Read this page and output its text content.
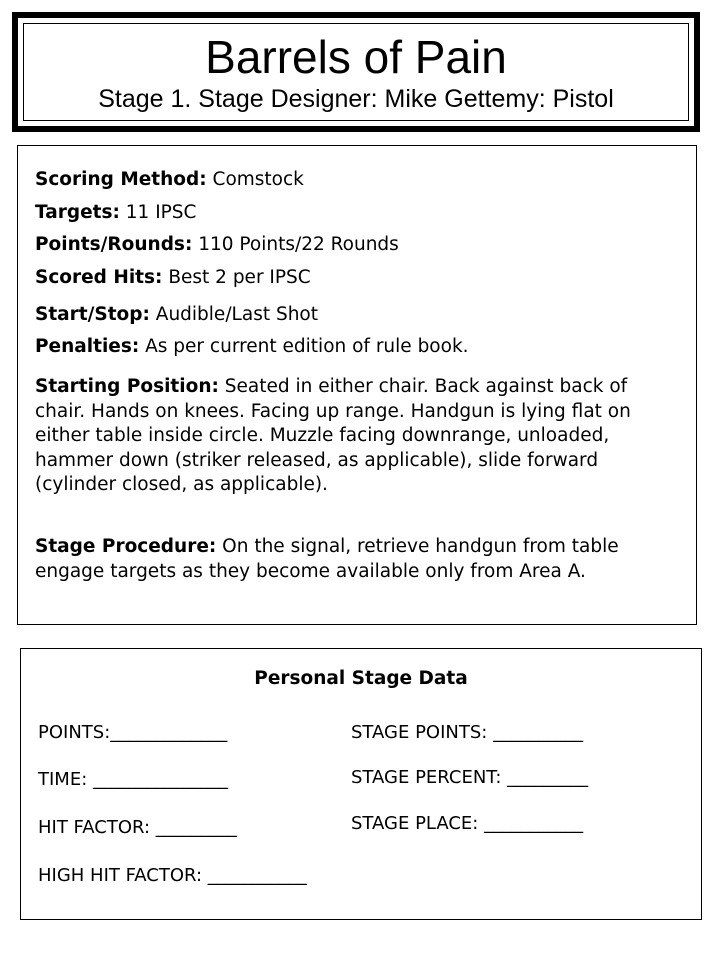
Barrels of Pain
Stage 1. Stage Designer: Mike Gettemy: Pistol
Scoring Method: Comstock
Targets: 11 IPSC
Points/Rounds: 110 Points/22 Rounds
Scored Hits: Best 2 per IPSC
Start/Stop: Audible/Last Shot
Penalties: As per current edition of rule book.
Starting Position: Seated in either chair. Back against back of chair. Hands on knees. Facing up range. Handgun is lying flat on either table inside circle. Muzzle facing downrange, unloaded, hammer down (striker released, as applicable), slide forward (cylinder closed, as applicable).
Stage Procedure: On the signal, retrieve handgun from table engage targets as they become available only from Area A.
Personal Stage Data
POINTS:_____________
TIME: _______________
HIT FACTOR: _________
HIGH HIT FACTOR: ___________
STAGE POINTS: __________
STAGE PERCENT: _________
STAGE PLACE: ___________
